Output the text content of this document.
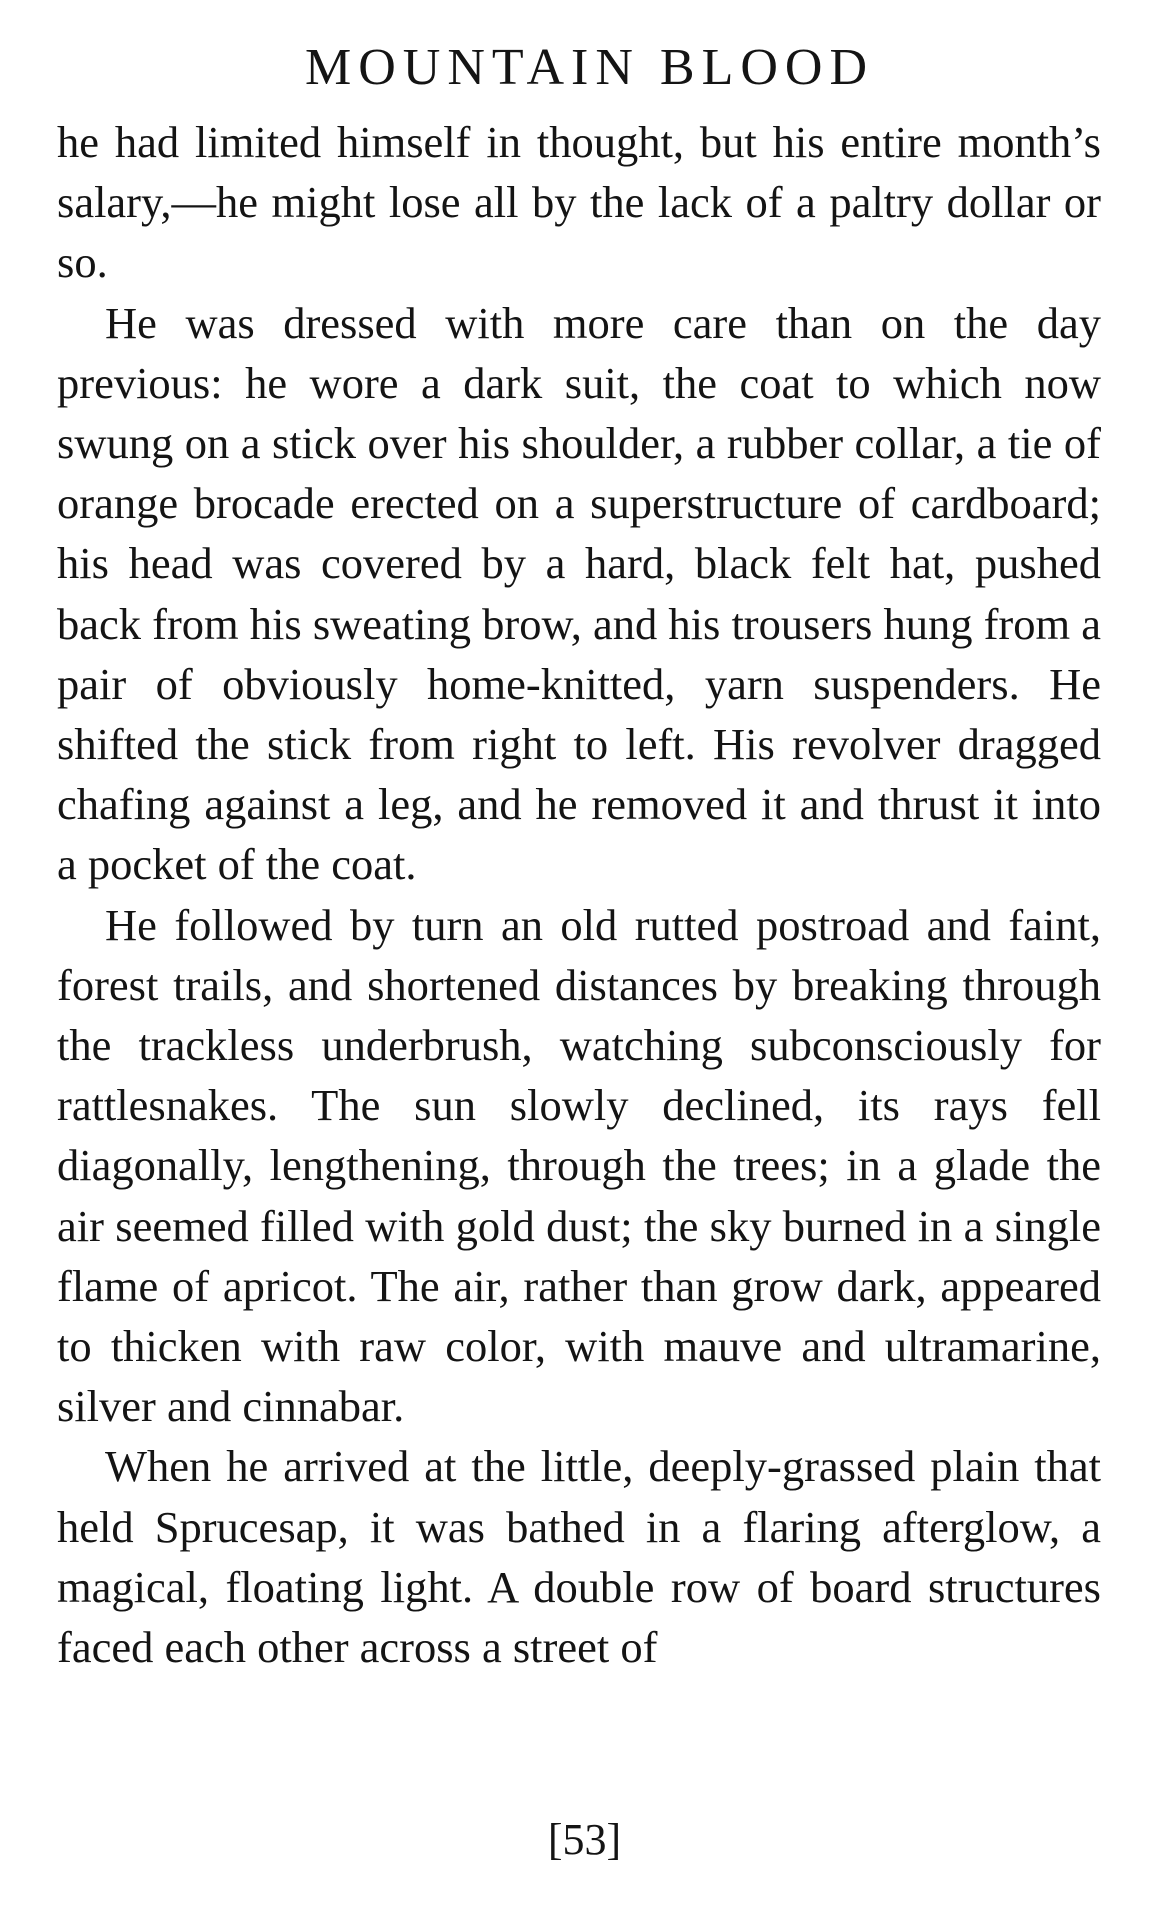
MOUNTAIN BLOOD

he had limited himself in thought, but his entire month’s salary,—he might lose all by the lack of a paltry dollar or so.

He was dressed with more care than on the day previous: he wore a dark suit, the coat to which now swung on a stick over his shoulder, a rubber collar, a tie of orange brocade erected on a superstructure of cardboard; his head was covered by a hard, black felt hat, pushed back from his sweating brow, and his trousers hung from a pair of obviously home-knitted, yarn suspenders. He shifted the stick from right to left. His revolver dragged chafing against a leg, and he removed it and thrust it into a pocket of the coat.

He followed by turn an old rutted postroad and faint, forest trails, and shortened distances by breaking through the trackless underbrush, watching subconsciously for rattlesnakes. The sun slowly declined, its rays fell diagonally, lengthening, through the trees; in a glade the air seemed filled with gold dust; the sky burned in a single flame of apricot. The air, rather than grow dark, appeared to thicken with raw color, with mauve and ultramarine, silver and cinnabar.

When he arrived at the little, deeply-grassed plain that held Sprucesap, it was bathed in a flaring afterglow, a magical, floating light. A double row of board structures faced each other across a street of

[53]
